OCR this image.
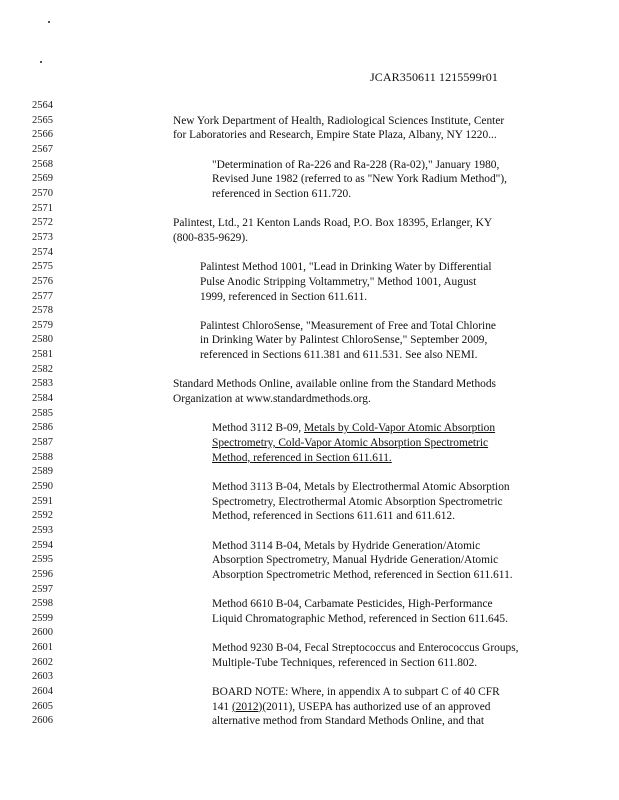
JCAR350611 1215599r01
2564
2565	New York Department of Health, Radiological Sciences Institute, Center
2566	for Laboratories and Research, Empire State Plaza, Albany, NY 1220...
2567
2568	"Determination of Ra-226 and Ra-228 (Ra-02)," January 1980,
2569	Revised June 1982 (referred to as "New York Radium Method"),
2570	referenced in Section 611.720.
2571
2572	Palintest, Ltd., 21 Kenton Lands Road, P.O. Box 18395, Erlanger, KY
2573	(800-835-9629).
2574
2575	Palintest Method 1001, "Lead in Drinking Water by Differential
2576	Pulse Anodic Stripping Voltammetry," Method 1001, August
2577	1999, referenced in Section 611.611.
2578
2579	Palintest ChloroSense, "Measurement of Free and Total Chlorine
2580	in Drinking Water by Palintest ChloroSense," September 2009,
2581	referenced in Sections 611.381 and 611.531. See also NEMI.
2582
2583	Standard Methods Online, available online from the Standard Methods
2584	Organization at www.standardmethods.org.
2585
2586	Method 3112 B-09, Metals by Cold-Vapor Atomic Absorption
2587	Spectrometry, Cold-Vapor Atomic Absorption Spectrometric
2588	Method, referenced in Section 611.611.
2589
2590	Method 3113 B-04, Metals by Electrothermal Atomic Absorption
2591	Spectrometry, Electrothermal Atomic Absorption Spectrometric
2592	Method, referenced in Sections 611.611 and 611.612.
2593
2594	Method 3114 B-04, Metals by Hydride Generation/Atomic
2595	Absorption Spectrometry, Manual Hydride Generation/Atomic
2596	Absorption Spectrometric Method, referenced in Section 611.611.
2597
2598	Method 6610 B-04, Carbamate Pesticides, High-Performance
2599	Liquid Chromatographic Method, referenced in Section 611.645.
2600
2601	Method 9230 B-04, Fecal Streptococcus and Enterococcus Groups,
2602	Multiple-Tube Techniques, referenced in Section 611.802.
2603
2604	BOARD NOTE: Where, in appendix A to subpart C of 40 CFR
2605	141 (2012)(2011), USEPA has authorized use of an approved
2606	alternative method from Standard Methods Online, and that
